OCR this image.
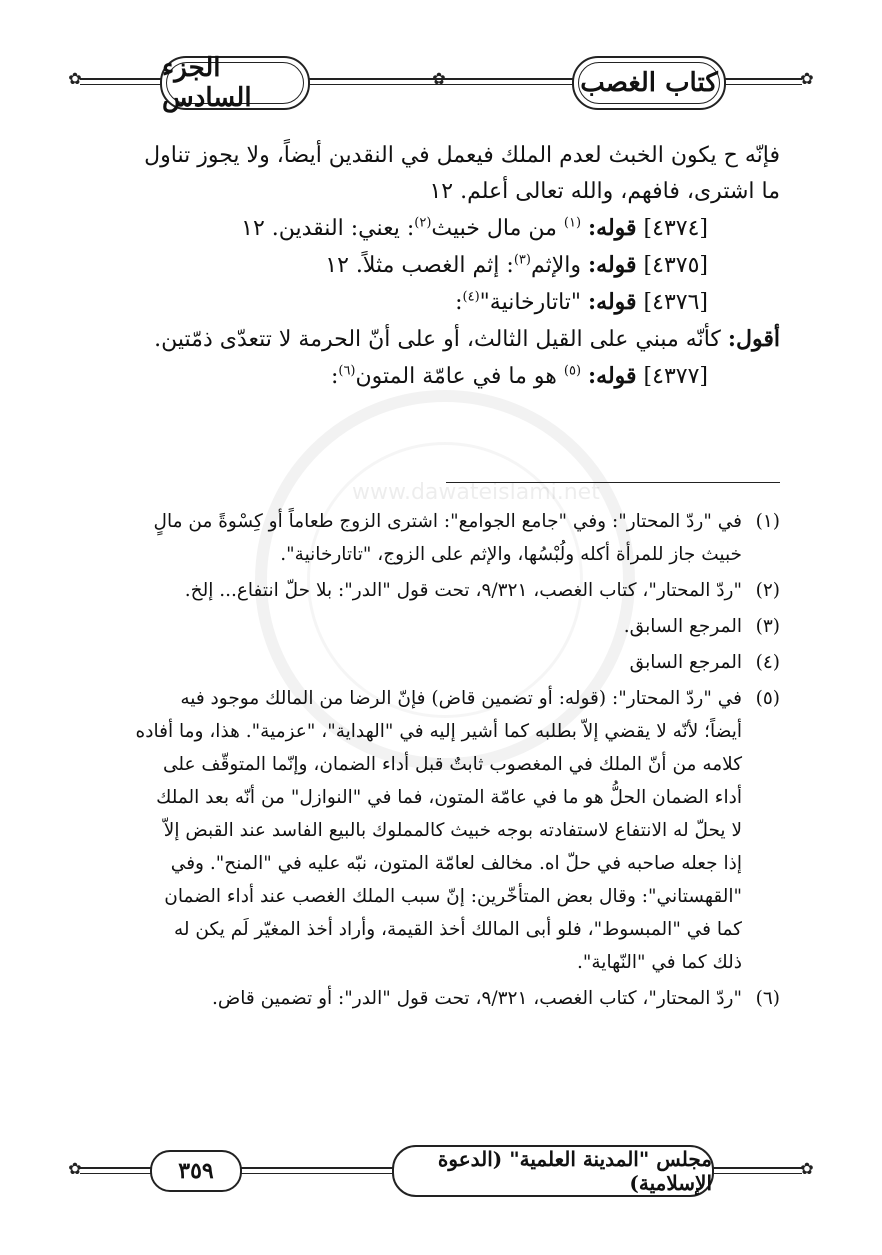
✿	✿
✿
الجزء السادس	كتاب الغصب
www.dawateislami.net

فإنّه ح يكون الخبث لعدم الملك فيعمل في النقدين أيضاً، ولا يجوز تناول

ما اشترى، فافهم، والله تعالى أعلم. ١٢

[٤٣٧٤] قوله: $^{(١)}$ من مال خبيث$^{(٢)}$: يعني: النقدين. ١٢

[٤٣٧٥] قوله: والإثم$^{(٣)}$: إثم الغصب مثلاً. ١٢

[٤٣٧٦] قوله: "تاتارخانية"$^{(٤)}$:

أقول: كأنّه مبني على القيل الثالث، أو على أنّ الحرمة لا تتعدّى ذمّتين.

[٤٣٧٧] قوله: $^{(٥)}$ هو ما في عامّة المتون$^{(٦)}$:

(١)
في "ردّ المحتار": وفي "جامع الجوامع": اشترى الزوج طعاماً أو كِسْوةً من مالٍ
خبيث جاز للمرأة أكله ولُبْسُها، والإثم على الزوج، "تاتارخانية".
(٢)
"ردّ المحتار"، كتاب الغصب، ٩/٣٢١، تحت قول "الدر": بلا حلّ انتفاع... إلخ.
(٣)
المرجع السابق.
(٤)
المرجع السابق
(٥)
في "ردّ المحتار": (قوله: أو تضمين قاض) فإنّ الرضا من المالك موجود فيه
أيضاً؛ لأنّه لا يقضي إلاّ بطلبه كما أشير إليه في "الهداية"، "عزمية". هذا، وما أفاده
كلامه من أنّ الملك في المغصوب ثابتٌ قبل أداء الضمان، وإنّما المتوقّف على
أداء الضمان الحلُّ هو ما في عامّة المتون، فما في "النوازل" من أنّه بعد الملك
لا يحلّ له الانتفاع لاستفادته بوجه خبيث كالمملوك بالبيع الفاسد عند القبض إلاّ
إذا جعله صاحبه في حلّ اه. مخالف لعامّة المتون، نبّه عليه في "المنح". وفي
"القهستاني": وقال بعض المتأخّرين: إنّ سبب الملك الغصب عند أداء الضمان
كما في "المبسوط"، فلو أبى المالك أخذ القيمة، وأراد أخذ المغيّر لَم يكن له
ذلك كما في "النّهاية".
(٦)
"ردّ المحتار"، كتاب الغصب، ٩/٣٢١، تحت قول "الدر": أو تضمين قاض.
✿	✿
٣٥٩	مجلس "المدينة العلمية" (الدعوة الإسلامية)
